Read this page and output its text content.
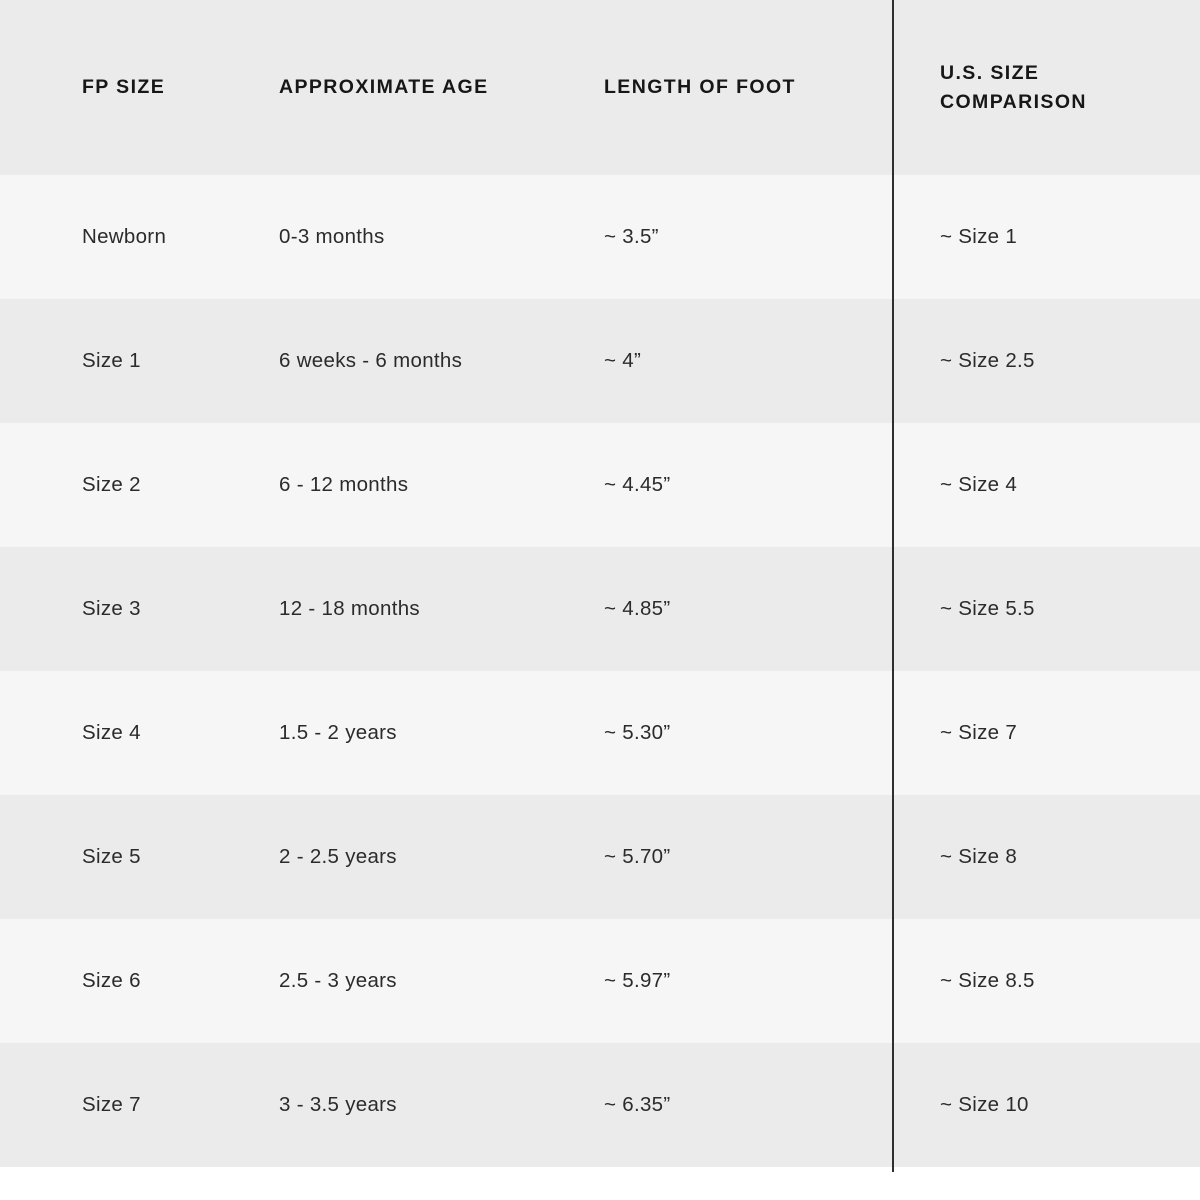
FP SIZE	APPROXIMATE AGE	LENGTH OF FOOT	U.S. SIZE COMPARISON

Newborn	0-3 months	~ 3.5”	~ Size 1

Size 1	6 weeks - 6 months	~ 4”	~ Size 2.5

Size 2	6 - 12 months	~ 4.45”	~ Size 4

Size 3	12 - 18 months	~ 4.85”	~ Size 5.5

Size 4	1.5 - 2 years	~ 5.30”	~ Size 7

Size 5	2 - 2.5 years	~ 5.70”	~ Size 8

Size 6	2.5 - 3 years	~ 5.97”	~ Size 8.5

Size 7	3 - 3.5 years	~ 6.35”	~ Size 10
